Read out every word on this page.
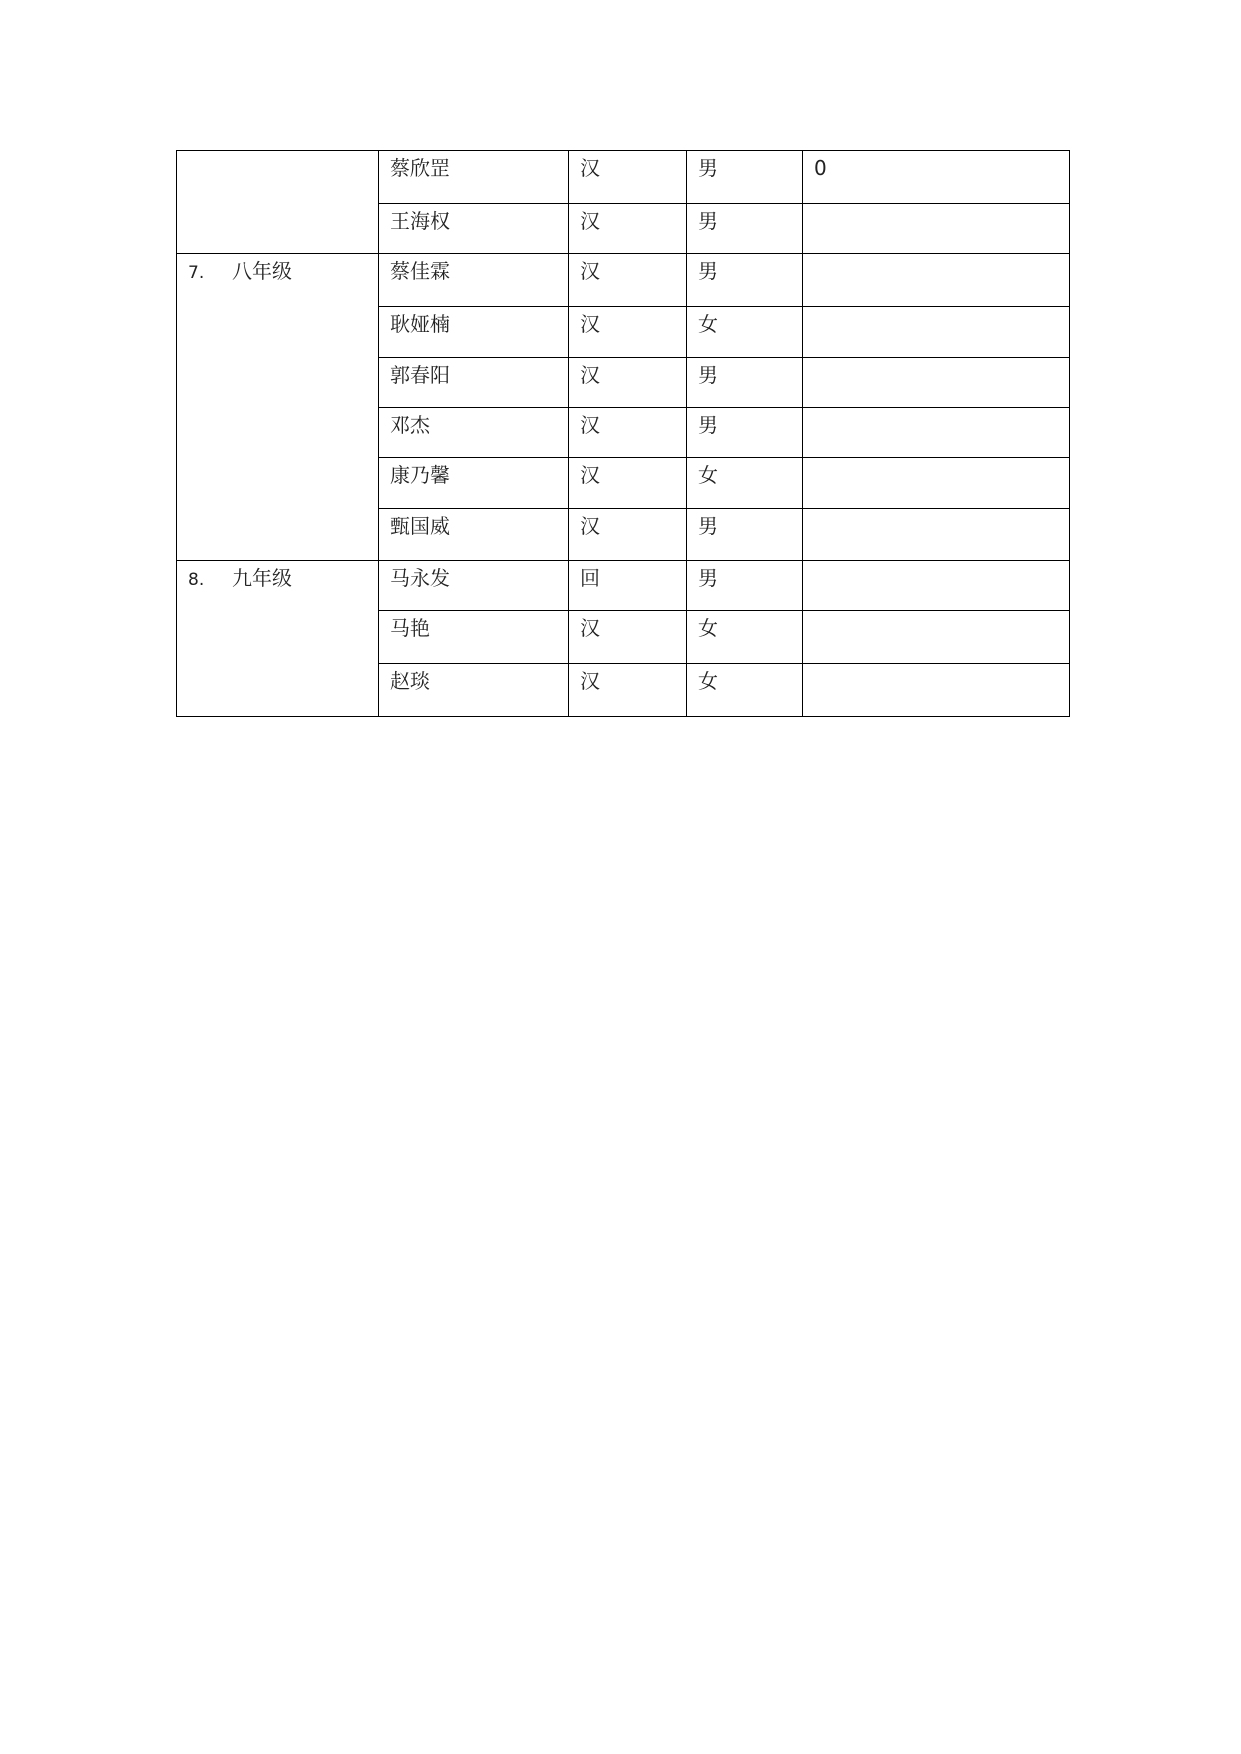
	蔡欣罡	汉	男	0
	王海权	汉	男	
7. 八年级	蔡佳霖	汉	男	
	耿娅楠	汉	女	
	郭春阳	汉	男	
	邓杰	汉	男	
	康乃馨	汉	女	
	甄国威	汉	男	
8. 九年级	马永发	回	男	
	马艳	汉	女	
	赵琰	汉	女	
